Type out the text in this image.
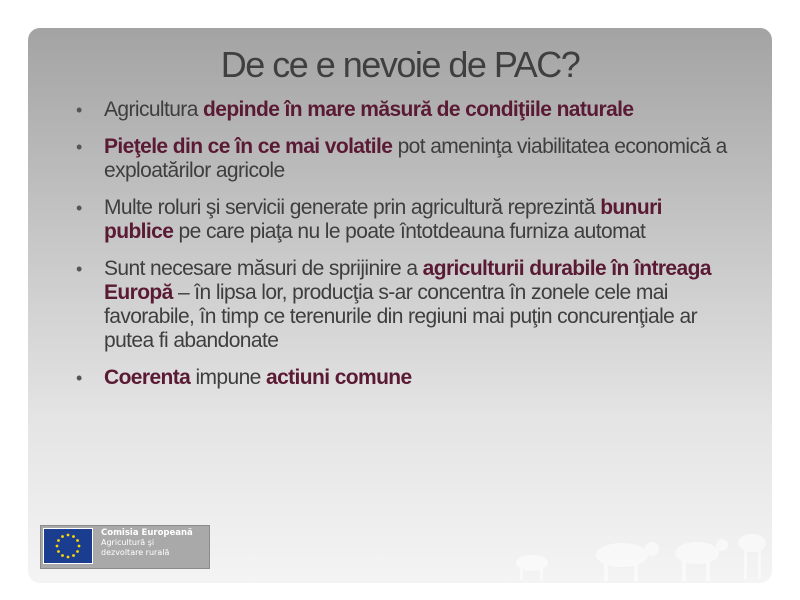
De ce e nevoie de PAC?
• Agricultura depinde în mare măsură de condiţiile naturale
• Pieţele din ce în ce mai volatile pot ameninţa viabilitatea economică a exploatărilor agricole
• Multe roluri şi servicii generate prin agricultură reprezintă bunuri publice pe care piaţa nu le poate întotdeauna furniza automat
• Sunt necesare măsuri de sprijinire a agriculturii durabile în întreaga Europă – în lipsa lor, producţia s-ar concentra în zonele cele mai favorabile, în timp ce terenurile din regiuni mai puţin concurenţiale ar putea fi abandonate
• Coerenta impune actiuni comune
Comisia Europeană
Agricultură şi
dezvoltare rurală
